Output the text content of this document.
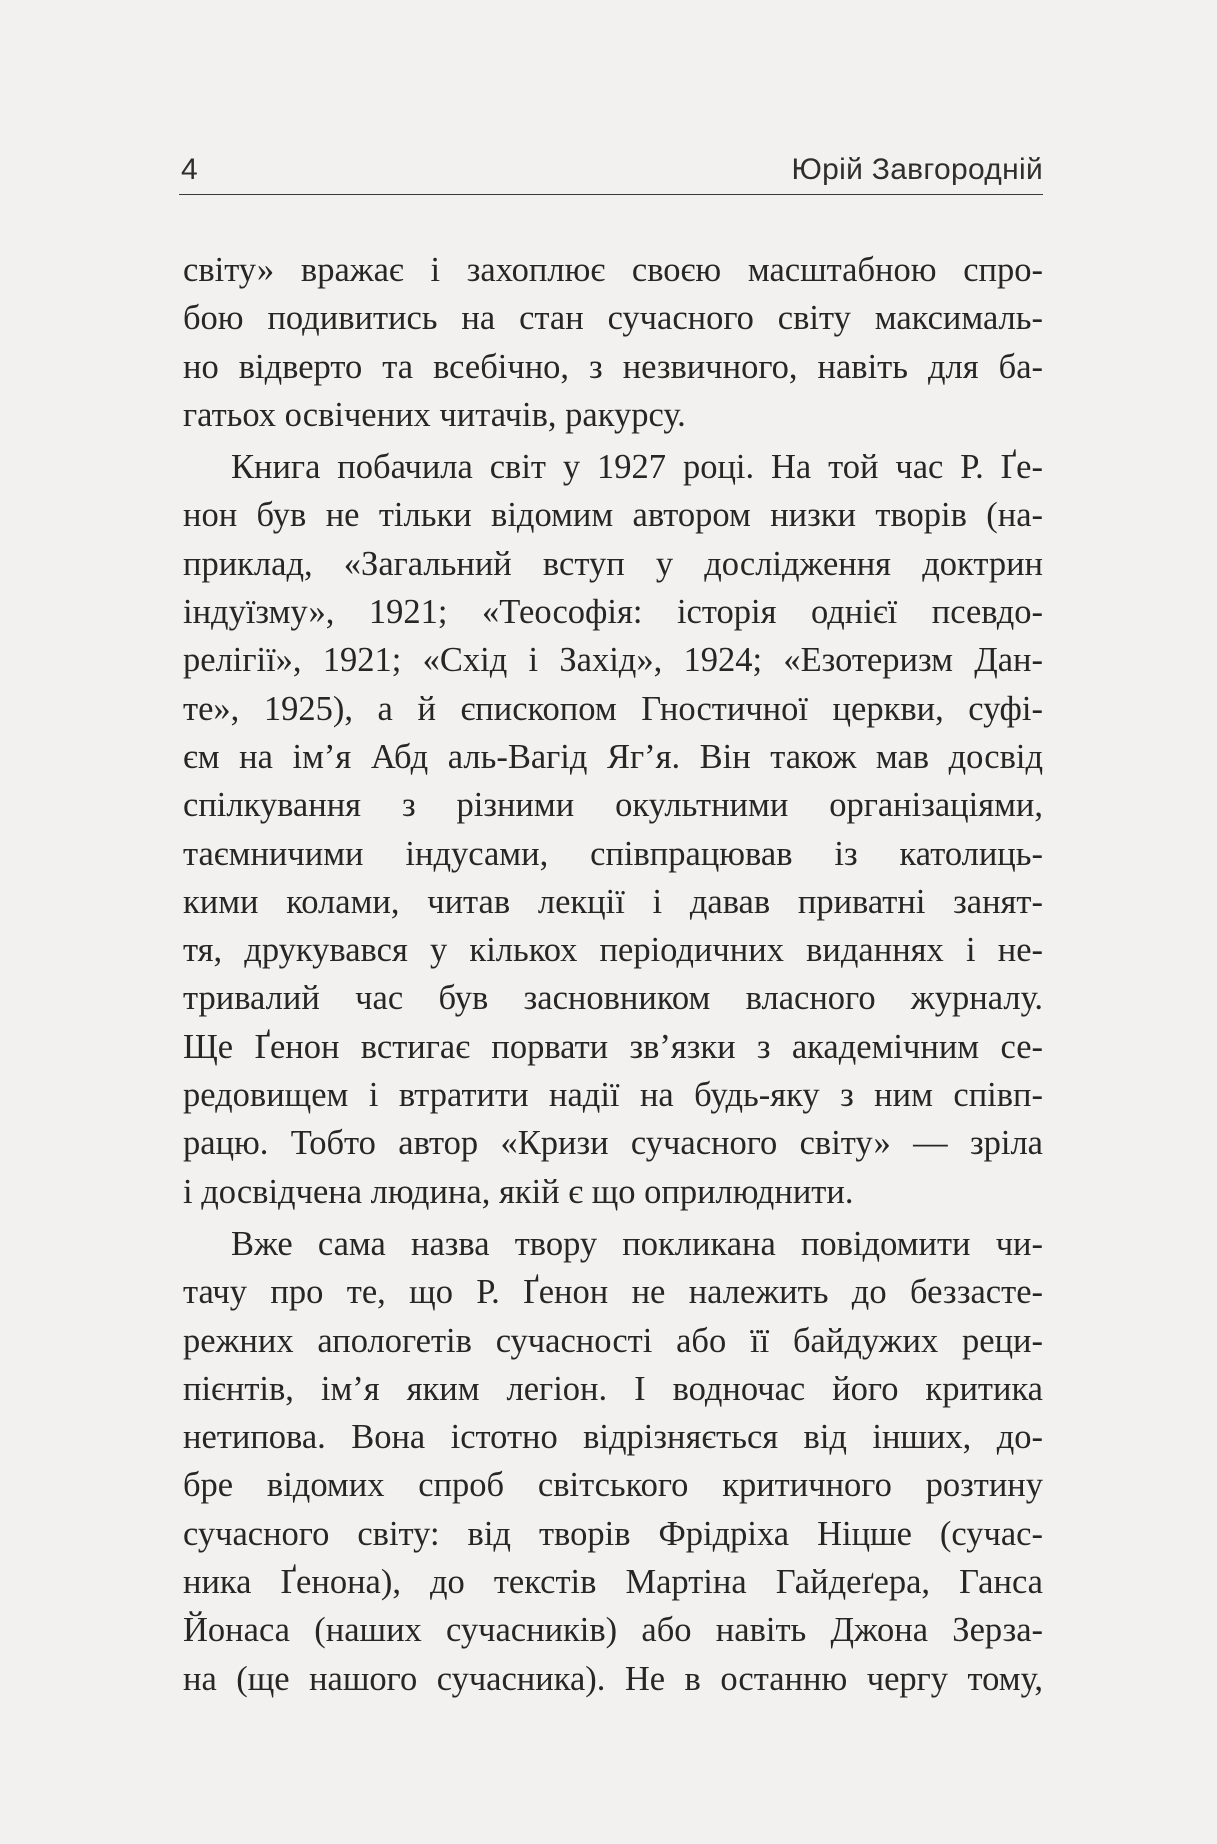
4	Юрій Завгородній
світу» вражає і захоплює своєю масштабною спро-
бою подивитись на стан сучасного світу максималь-
но відверто та всебічно, з незвичного, навіть для ба-
гатьох освічених читачів, ракурсу.
Книга побачила світ у 1927 році. На той час Р. Ґе-
нон був не тільки відомим автором низки творів (на-
приклад, «Загальний вступ у дослідження доктрин
індуїзму», 1921; «Теософія: історія однієї псевдо-
релігії», 1921; «Схід і Захід», 1924; «Езотеризм Дан-
те», 1925), а й єпископом Гностичної церкви, суфі-
єм на ім’я Абд аль-Вагід Яг’я. Він також мав досвід
спілкування з різними окультними організаціями,
таємничими індусами, співпрацював із католиць-
кими колами, читав лекції і давав приватні занят-
тя, друкувався у кількох періодичних виданнях і не-
тривалий час був засновником власного журналу.
Ще Ґенон встигає порвати зв’язки з академічним се-
редовищем і втратити надії на будь-яку з ним співп-
рацю. Тобто автор «Кризи сучасного світу» — зріла
і досвідчена людина, якій є що оприлюднити.
Вже сама назва твору покликана повідомити чи-
тачу про те, що Р. Ґенон не належить до беззасте-
режних апологетів сучасності або її байдужих реци-
пієнтів, ім’я яким легіон. І водночас його критика
нетипова. Вона істотно відрізняється від інших, до-
бре відомих спроб світського критичного розтину
сучасного світу: від творів Фрідріха Ніцше (сучас-
ника Ґенона), до текстів Мартіна Гайдеґера, Ганса
Йонаса (наших сучасників) або навіть Джона Зерза-
на (ще нашого сучасника). Не в останню чергу тому,
